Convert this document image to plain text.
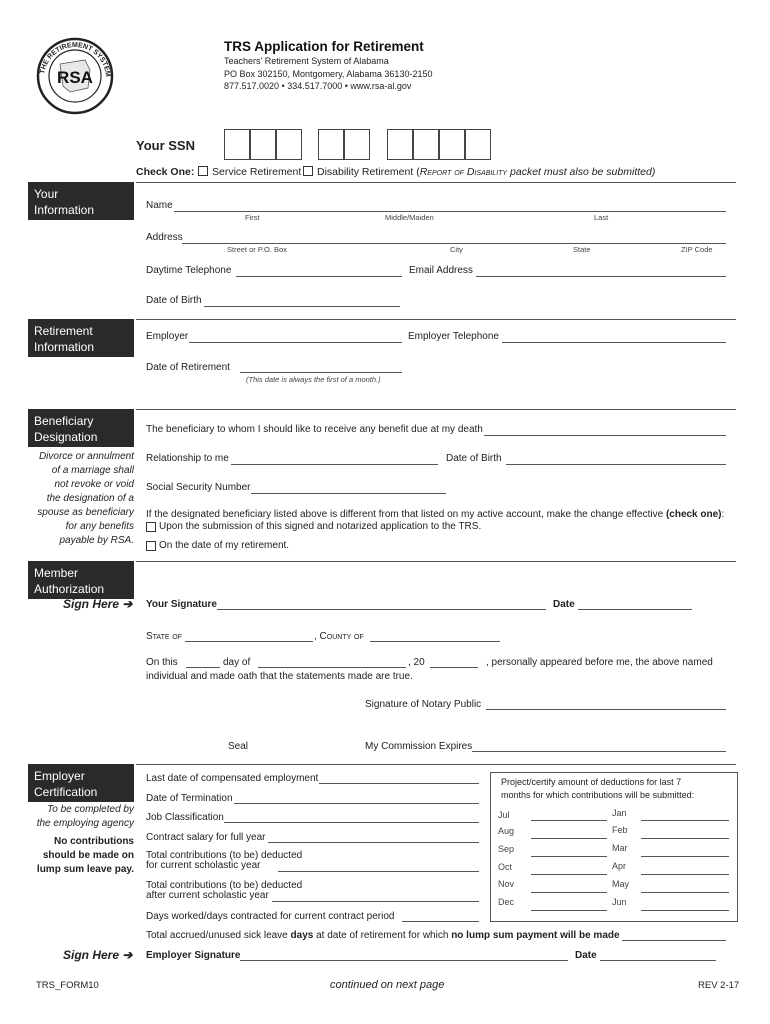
RSA
THE RETIREMENT SYSTEM
TRS Application for Retirement
Teachers' Retirement System of Alabama
PO Box 302150, Montgomery, Alabama 36130-2150
877.517.0020 • 334.517.7000 • www.rsa-al.gov
Your SSN
Check One: Service Retirement Disability Retirement (Report of Disability packet must also be submitted)
Your
Information	Name
First	Middle/Maiden	Last
Address
Street or P.O. Box	City	State	ZIP Code
Daytime Telephone	Email Address
Date of Birth
Retirement
Information
Employer	Employer Telephone
Date of Retirement
(This date is always the first of a month.)
Beneficiary
Designation
Divorce or annulment
of a marriage shall
not revoke or void
the designation of a
spouse as beneficiary
for any benefits
payable by RSA.
The beneficiary to whom I should like to receive any benefit due at my death
Relationship to me	Date of Birth
Social Security Number
If the designated beneficiary listed above is different from that listed on my active account, make the change effective (check one):
Upon the submission of this signed and notarized application to the TRS.
On the date of my retirement.
Member
Authorization
Sign Here ➔ Your Signature	Date
State of	, County of
On this	day of	, 20	, personally appeared before me, the above named
individual and made oath that the statements made are true.
Signature of Notary Public
Seal	My Commission Expires
Employer
Certification
To be completed by
the employing agency
No contributions
should be made on
lump sum leave pay.
Last date of compensated employment
Date of Termination
Job Classification
Contract salary for full year
Total contributions (to be) deducted
for current scholastic year
Total contributions (to be) deducted
after current scholastic year
Days worked/days contracted for current contract period
Total accrued/unused sick leave days at date of retirement for which no lump sum payment will be made
Project/certify amount of deductions for last 7
months for which contributions will be submitted:
Jul	Jan
Aug	Feb
Sep	Mar
Oct	Apr
Nov	May
Dec	Jun
Sign Here ➔ Employer Signature	Date
TRS_FORM10	continued on next page	REV 2-17
